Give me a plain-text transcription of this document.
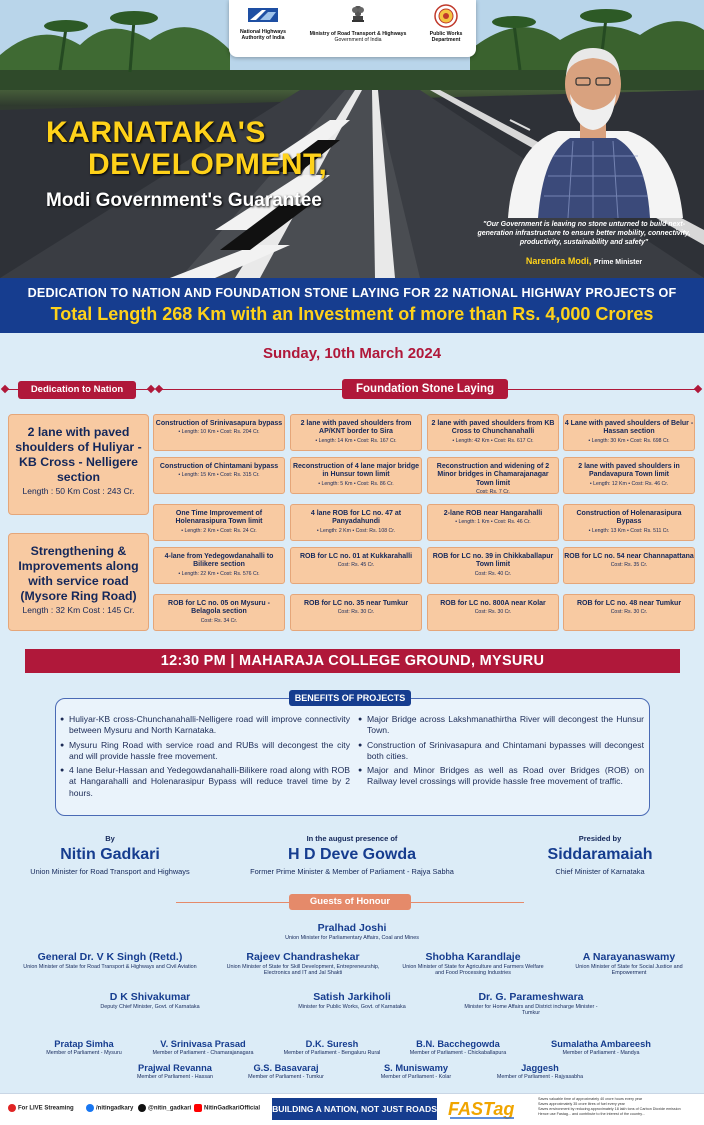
National Highways
Authority of India
Ministry of Road Transport & Highways
Government of India
Public Works
Department
KARNATAKA'S
DEVELOPMENT,
Modi Government's Guarantee
"Our Government is leaving no stone unturned to build next-generation infrastructure to ensure better mobility, connectivity, productivity, sustainability and safety"
Narendra Modi, Prime Minister
DEDICATION TO NATION AND FOUNDATION STONE LAYING FOR 22 NATIONAL HIGHWAY PROJECTS OF
Total Length 268 Km with an Investment of more than Rs. 4,000 Crores
Sunday, 10th March 2024
Dedication to Nation	Foundation Stone Laying
2 lane with paved shoulders of Huliyar - KB Cross - Nelligere section
Length : 50 Km Cost : 243 Cr.
Strengthening & Improvements along with service road (Mysore Ring Road)
Length : 32 Km Cost : 145 Cr.
Construction of Srinivasapura bypass
• Length: 10 Km • Cost: Rs. 204 Cr.
2 lane with paved shoulders from AP/KNT border to Sira
• Length: 14 Km • Cost: Rs. 167 Cr.
2 lane with paved shoulders from KB Cross to Chunchanahalli
• Length: 42 Km • Cost: Rs. 617 Cr.
4 Lane with paved shoulders of Belur - Hassan section
• Length: 30 Km • Cost: Rs. 698 Cr.
Construction of Chintamani bypass
• Length: 15 Km • Cost: Rs. 315 Cr.
Reconstruction of 4 lane major bridge in Hunsur town limit
• Length: 5 Km • Cost: Rs. 86 Cr.
Reconstruction and widening of 2 Minor bridges in Chamarajanagar Town limit
Cost: Rs. 7 Cr.
2 lane with paved shoulders in Pandavapura Town limit
• Length: 12 Km • Cost: Rs. 46 Cr.
One Time Improvement of Holenarasipura Town limit
• Length: 2 Km • Cost: Rs. 24 Cr.
4 lane ROB for LC no. 47 at Panyadahundi
• Length: 2 Km • Cost: Rs. 108 Cr.
2-lane ROB near Hangarahalli
• Length: 1 Km • Cost: Rs. 46 Cr.
Construction of Holenarasipura Bypass
• Length: 13 Km • Cost: Rs. 511 Cr.
4-lane from Yedegowdanahalli to Bilikere section
• Length: 22 Km • Cost: Rs. 576 Cr.
ROB for LC no. 01 at Kukkarahalli
Cost: Rs. 45 Cr.
ROB for LC no. 39 in Chikkaballapur Town limit
Cost: Rs. 40 Cr.
ROB for LC no. 54 near Channapattana
Cost: Rs. 35 Cr.
ROB for LC no. 05 on Mysuru - Belagola section
Cost: Rs. 34 Cr.
ROB for LC no. 35 near Tumkur
Cost: Rs. 30 Cr.
ROB for LC no. 800A near Kolar
Cost: Rs. 30 Cr.
ROB for LC no. 48 near Tumkur
Cost: Rs. 30 Cr.
12:30 PM | MAHARAJA COLLEGE GROUND, MYSURU
BENEFITS OF PROJECTS
● Huliyar-KB cross-Chunchanahalli-Nelligere road will improve connectivity between Mysuru and North Karnataka.
● Mysuru Ring Road with service road and RUBs will decongest the city and will provide hassle free movement.
● 4 lane Belur-Hassan and Yedegowdanahalli-Bilikere road along with ROB at Hangarahalli and Holenarasipur Bypass will reduce travel time by 2 hours.
● Major Bridge across Lakshmanathirtha River will decongest the Hunsur Town.
● Construction of Srinivasapura and Chintamani bypasses will decongest both cities.
● Major and Minor Bridges as well as Road over Bridges (ROB) on Railway level crossings will provide hassle free movement of traffic.
By
Nitin Gadkari
Union Minister for Road Transport and Highways
In the august presence of
H D Deve Gowda
Former Prime Minister & Member of Parliament - Rajya Sabha
Presided by
Siddaramaiah
Chief Minister of Karnataka
Guests of Honour
Pralhad Joshi
Union Minister for Parliamentary Affairs, Coal and Mines
General Dr. V K Singh (Retd.)
Union Minister of State for Road Transport & Highways and Civil Aviation
Rajeev Chandrashekar
Union Minister of State for Skill Development, Entrepreneurship, Electronics and IT and Jal Shakti
Shobha Karandlaje
Union Minister of State for Agriculture and Farmers Welfare and Food Processing Industries
A Narayanaswamy
Union Minister of State for Social Justice and Empowerment
D K Shivakumar
Deputy Chief Minister, Govt. of Karnataka
Satish Jarkiholi
Minister for Public Works, Govt. of Karnataka
Dr. G. Parameshwara
Minister for Home Affairs and District incharge Minister - Tumkur
Pratap Simha
Member of Parliament - Mysuru
V. Srinivasa Prasad
Member of Parliament - Chamarajanagara
D.K. Suresh
Member of Parliament - Bengaluru Rural
B.N. Bacchegowda
Member of Parliament - Chickaballapura
Sumalatha Ambareesh
Member of Parliament - Mandya
Prajwal Revanna
Member of Parliament - Hassan
G.S. Basavaraj
Member of Parliament - Tumkur
S. Muniswamy
Member of Parliament - Kolar
Jaggesh
Member of Parliament - Rajyasabha
For LIVE Streaming	/nitingadkary	@nitin_gadkari	NitinGadkariOfficial BUILDING A NATION, NOT JUST ROADS FASTag	Saves valuable time of approximately 40 crore hours every year
Saves approximately 35 crore litres of fuel every year
Saves environment by reducing approximately 18 lakh tons of Carbon Dioxide emission
Hence use Fastag... and contribute to the interest of the country...
